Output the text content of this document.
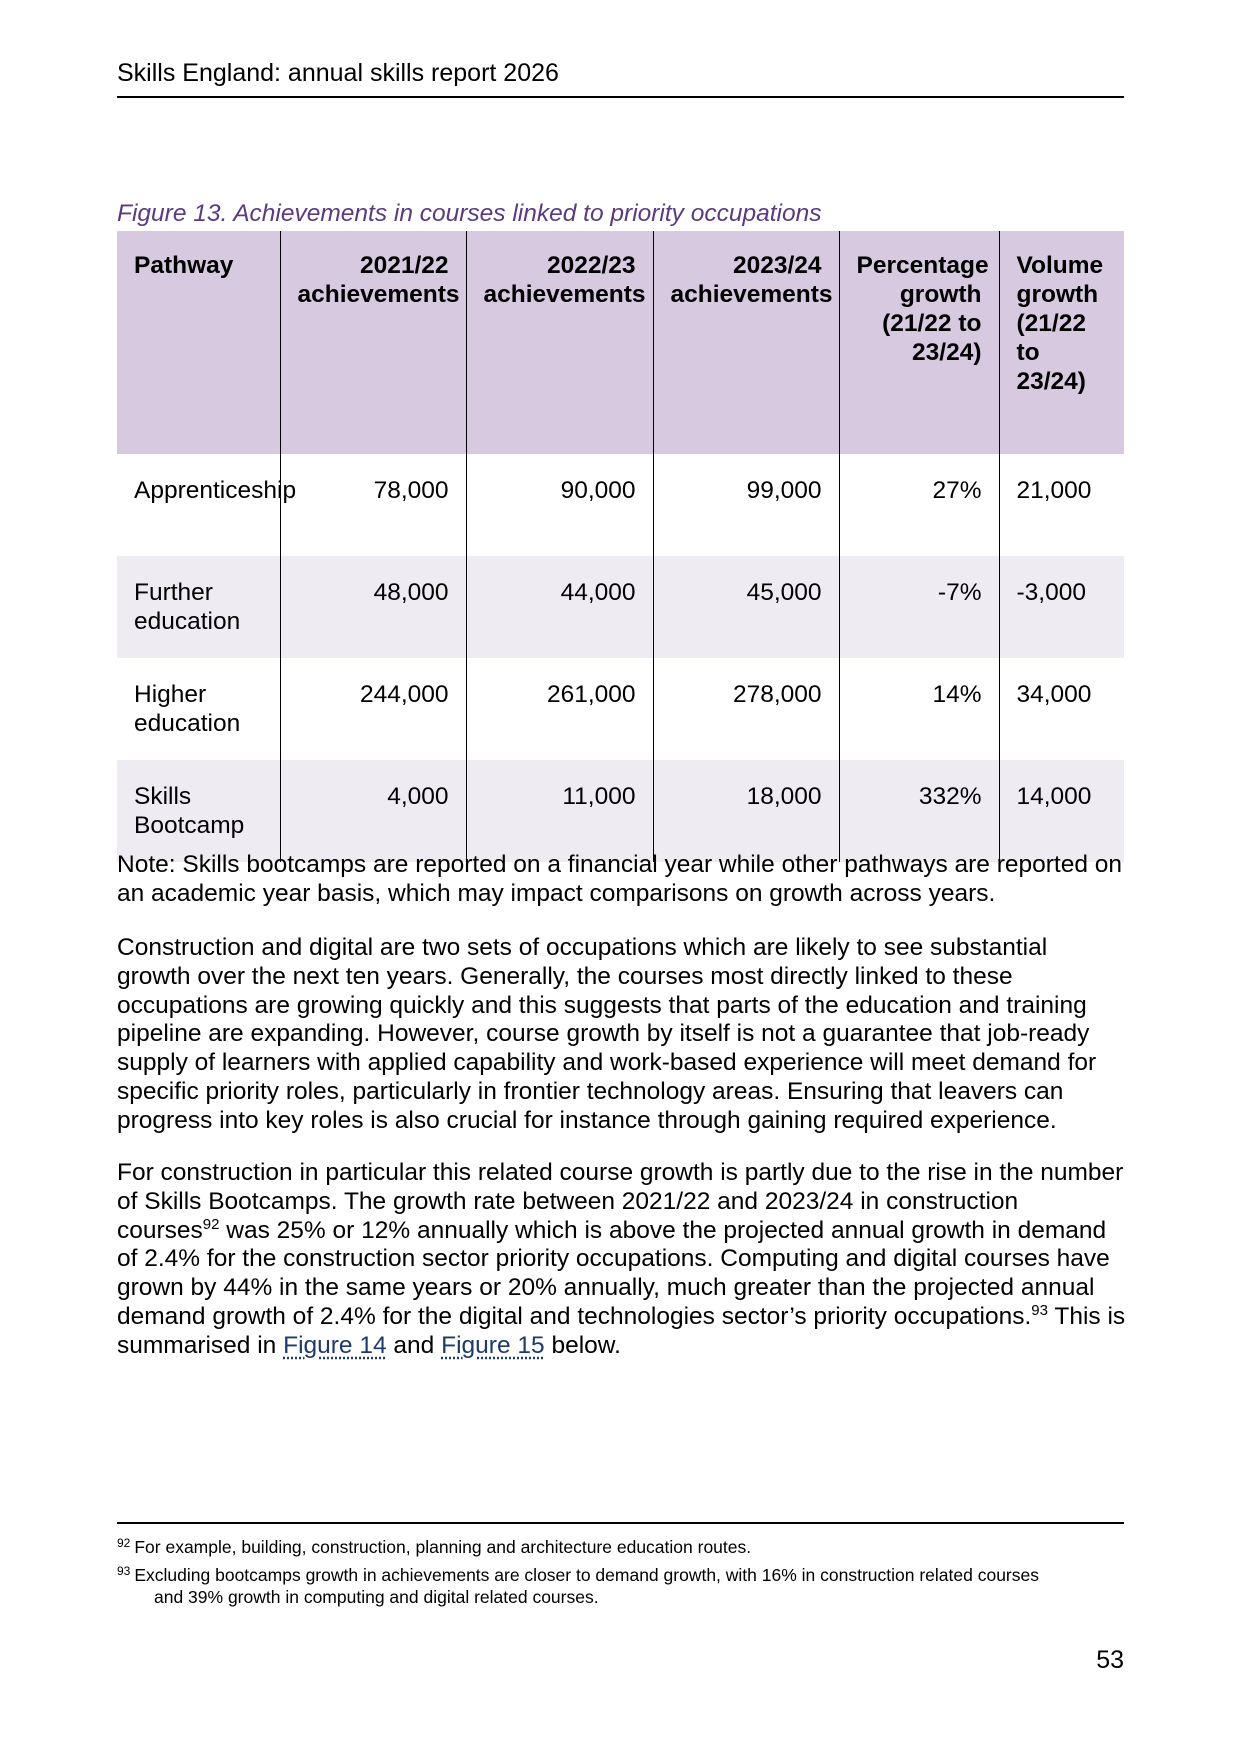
Skills England: annual skills report 2026
Figure 13. Achievements in courses linked to priority occupations
Pathway	2021/22 achievements	2022/23 achievements	2023/24 achievements	Percentage growth (21/22 to 23/24)	Volume growth (21/22 to 23/24)
Apprenticeship	78,000	90,000	99,000	27%	21,000
Further education	48,000	44,000	45,000	-7%	-3,000
Higher education	244,000	261,000	278,000	14%	34,000
Skills Bootcamp	4,000	11,000	18,000	332%	14,000
Note: Skills bootcamps are reported on a financial year while other pathways are reported on an academic year basis, which may impact comparisons on growth across years.
Construction and digital are two sets of occupations which are likely to see substantial growth over the next ten years. Generally, the courses most directly linked to these occupations are growing quickly and this suggests that parts of the education and training pipeline are expanding. However, course growth by itself is not a guarantee that job-ready supply of learners with applied capability and work-based experience will meet demand for specific priority roles, particularly in frontier technology areas. Ensuring that leavers can progress into key roles is also crucial for instance through gaining required experience.
For construction in particular this related course growth is partly due to the rise in the number of Skills Bootcamps. The growth rate between 2021/22 and 2023/24 in construction courses$^{92}$ was 25% or 12% annually which is above the projected annual growth in demand of 2.4% for the construction sector priority occupations. Computing and digital courses have grown by 44% in the same years or 20% annually, much greater than the projected annual demand growth of 2.4% for the digital and technologies sector’s priority occupations.$^{93}$ This is summarised in Figure 14 and Figure 15 below.
$^{92}$ For example, building, construction, planning and architecture education routes.
$^{93}$ Excluding bootcamps growth in achievements are closer to demand growth, with 16% in construction related courses
and 39% growth in computing and digital related courses.
53
